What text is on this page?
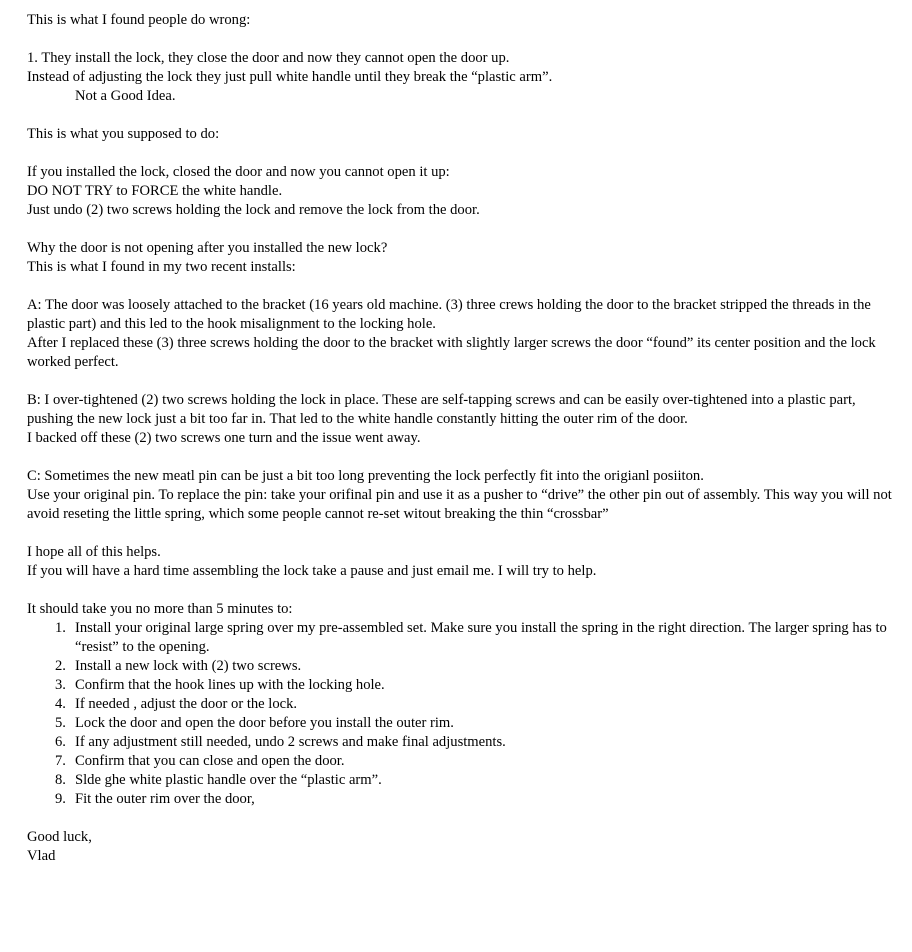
This is what I found people do wrong:
1. They install the lock, they close the door and now they cannot open the door up.
Instead of adjusting the lock they just pull white handle until they break the “plastic arm”.
Not a Good Idea.
This is what you supposed to do:
If you installed the lock, closed the door and now you cannot open it up:
DO NOT TRY to FORCE the white handle.
Just undo (2) two screws holding the lock and remove the lock from the door.
Why the door is not opening after you installed the new lock?
This is what I found in my two recent installs:
A: The door was loosely attached to the bracket (16 years old machine. (3) three crews holding the door to the bracket stripped the threads in the plastic part) and this led to the hook misalignment to the locking hole.
After I replaced these (3) three screws holding the door to the bracket with slightly larger screws the door “found” its center position and the lock worked perfect.
B: I over-tightened (2) two screws holding the lock in place. These are self-tapping screws and can be easily over-tightened into a plastic part, pushing the new lock just a bit too far in. That led to the white handle constantly hitting the outer rim of the door.
I backed off these (2) two screws one turn and the issue went away.
C: Sometimes the new meatl pin can be just a bit too long preventing the lock perfectly fit into the origianl posiiton.
Use your original pin. To replace the pin: take your orifinal pin and use it as a pusher to “drive” the other pin out of assembly. This way you will not avoid reseting the little spring, which some people cannot re-set witout breaking the thin “crossbar”
I hope all of this helps.
If you will have a hard time assembling the lock take a pause and just email me. I will try to help.
It should take you no more than 5 minutes to:
1. Install your original large spring over my pre-assembled set. Make sure you install the spring in the right direction. The larger spring has to “resist” to the opening.
2. Install a new lock with (2) two screws.
3. Confirm that the hook lines up with the locking hole.
4. If needed , adjust the door or the lock.
5. Lock the door and open the door before you install the outer rim.
6. If any adjustment still needed, undo 2 screws and make final adjustments.
7. Confirm that you can close and open the door.
8. Slde ghe white plastic handle over the “plastic arm”.
9. Fit the outer rim over the door,
Good luck,
Vlad
